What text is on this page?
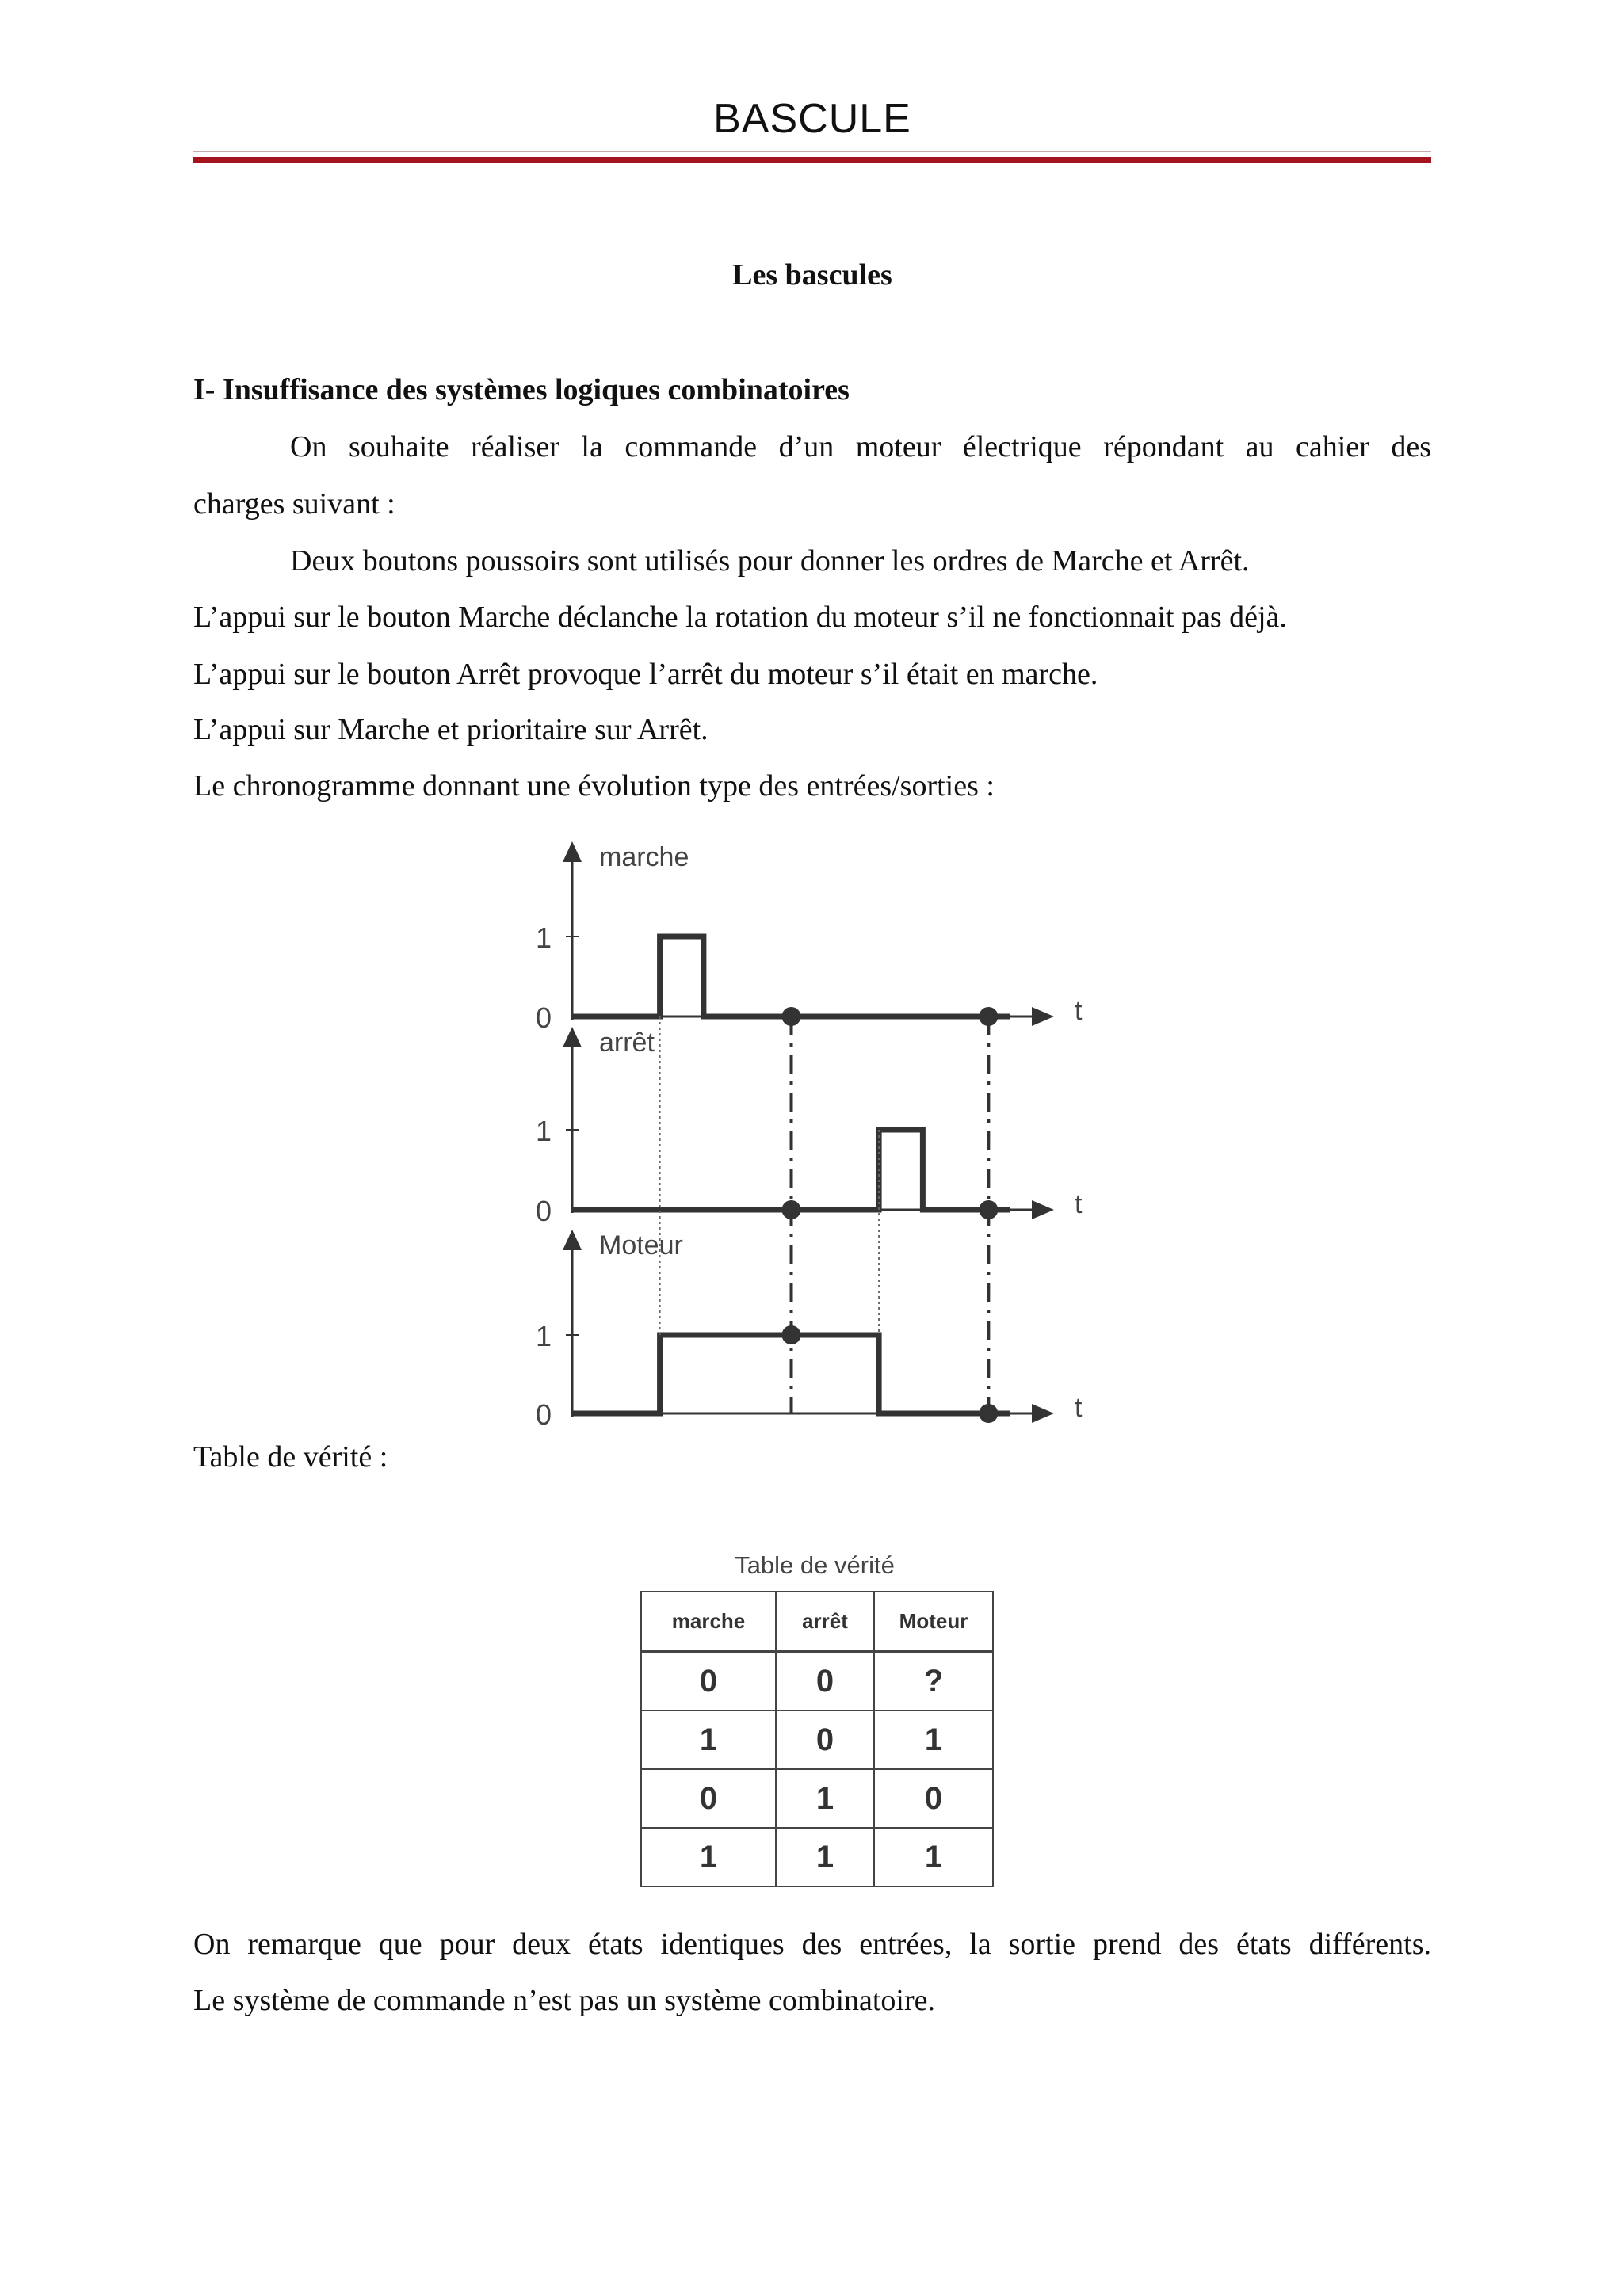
BASCULE
Les bascules
I- Insuffisance des systèmes logiques combinatoires
On souhaite réaliser la commande d’un moteur électrique répondant au cahier des
charges suivant :
Deux boutons poussoirs sont utilisés pour donner les ordres de Marche et Arrêt.
L’appui sur le bouton Marche déclanche la rotation du moteur s’il ne fonctionnait pas déjà.
L’appui sur le bouton Arrêt provoque l’arrêt du moteur s’il était en marche.
L’appui sur Marche et prioritaire sur Arrêt.
Le chronogramme donnant une évolution type des entrées/sorties :
marche
0
1
t
arrêt
0
1
t
Moteur
0
1
t
Table de vérité
marche	arrêt	Moteur
0	0	?
1	0	1
0	1	0
1	1	1
Table de vérité :
On remarque que pour deux états identiques des entrées, la sortie prend des états différents.
Le système de commande n’est pas un système combinatoire.
